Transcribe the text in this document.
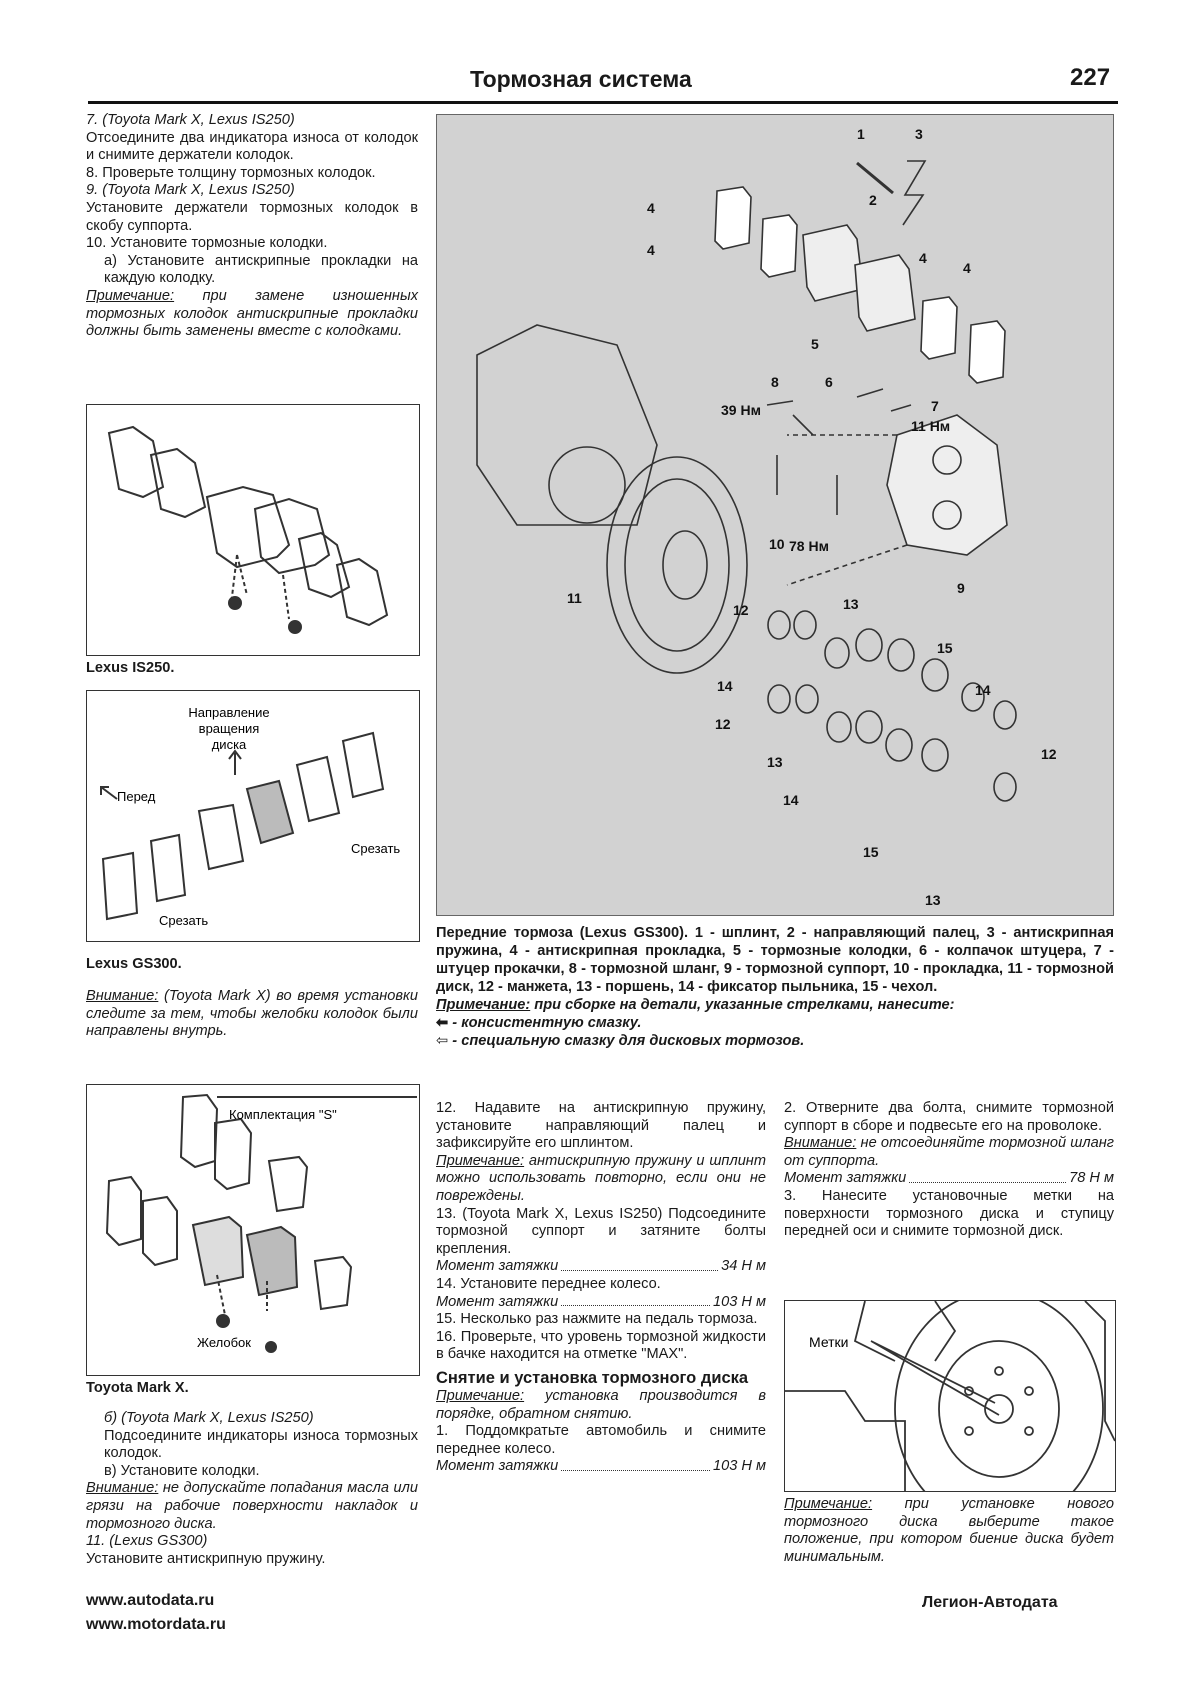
Тормозная система	227

7. (Toyota Mark X, Lexus IS250)

Отсоедините два индикатора износа от колодок и снимите держатели колодок.

8. Проверьте толщину тормозных колодок.

9. (Toyota Mark X, Lexus IS250)

Установите держатели тормозных колодок в скобу суппорта.

10. Установите тормозные колодки.

а) Установите антискрипные прокладки на каждую колодку.

Примечание: при замене изношенных тормозных колодок антискрипные прокладки должны быть заменены вместе с колодками.

Lexus IS250.
Направление
вращения
диска
Перед
Срезать
Срезать
Lexus GS300.

Внимание: (Toyota Mark X) во время установки следите за тем, чтобы желобки колодок были направлены внутрь.

Комплектация "S"
Желобок
Toyota Mark X.

б) (Toyota Mark X, Lexus IS250)

Подсоедините индикаторы износа тормозных колодок.

в) Установите колодки.

Внимание: не допускайте попадания масла или грязи на рабочие поверхности накладок и тормозного диска.

11. (Lexus GS300)

Установите антискрипную пружину.

1	3
2
4
4
5
4
4
8	6
7
39 Нм
11 Нм
78 Нм
10
9
11
12	13
15
14
12
14
13
14
12
15
13

Передние тормоза (Lexus GS300). 1 - шплинт, 2 - направляющий палец, 3 - антискрипная пружина, 4 - антискрипная прокладка, 5 - тормозные колодки, 6 - колпачок штуцера, 7 - штуцер прокачки, 8 - тормозной шланг, 9 - тормозной суппорт, 10 - прокладка, 11 - тормозной диск, 12 - манжета, 13 - поршень, 14 - фиксатор пыльника, 15 - чехол.

Примечание: при сборке на детали, указанные стрелками, нанесите:

⬅ - консистентную смазку.

⇦ - специальную смазку для дисковых тормозов.

12. Надавите на антискрипную пружину, установите направляющий палец и зафиксируйте его шплинтом.

Примечание: антискрипную пружину и шплинт можно использовать повторно, если они не повреждены.

13. (Toyota Mark X, Lexus IS250) Подсоедините тормозной суппорт и затяните болты крепления.

Момент затяжки	34 Н м

14. Установите переднее колесо.

Момент затяжки	103 Н м

15. Несколько раз нажмите на педаль тормоза.

16. Проверьте, что уровень тормозной жидкости в бачке находится на отметке "MAX".

Снятие и установка тормозного диска

Примечание: установка производится в порядке, обратном снятию.

1. Поддомкратьте автомобиль и снимите переднее колесо.

Момент затяжки	103 Н м

2. Отверните два болта, снимите тормозной суппорт в сборе и подвесьте его на проволоке.

Внимание: не отсоединяйте тормозной шланг от суппорта.

Момент затяжки	78 Н м

3. Нанесите установочные метки на поверхности тормозного диска и ступицу передней оси и снимите тормозной диск.

Метки

Примечание: при установке нового тормозного диска выберите такое положение, при котором биение диска будет минимальным.

www.autodata.ru
www.motordata.ru
Легион-Автодата
